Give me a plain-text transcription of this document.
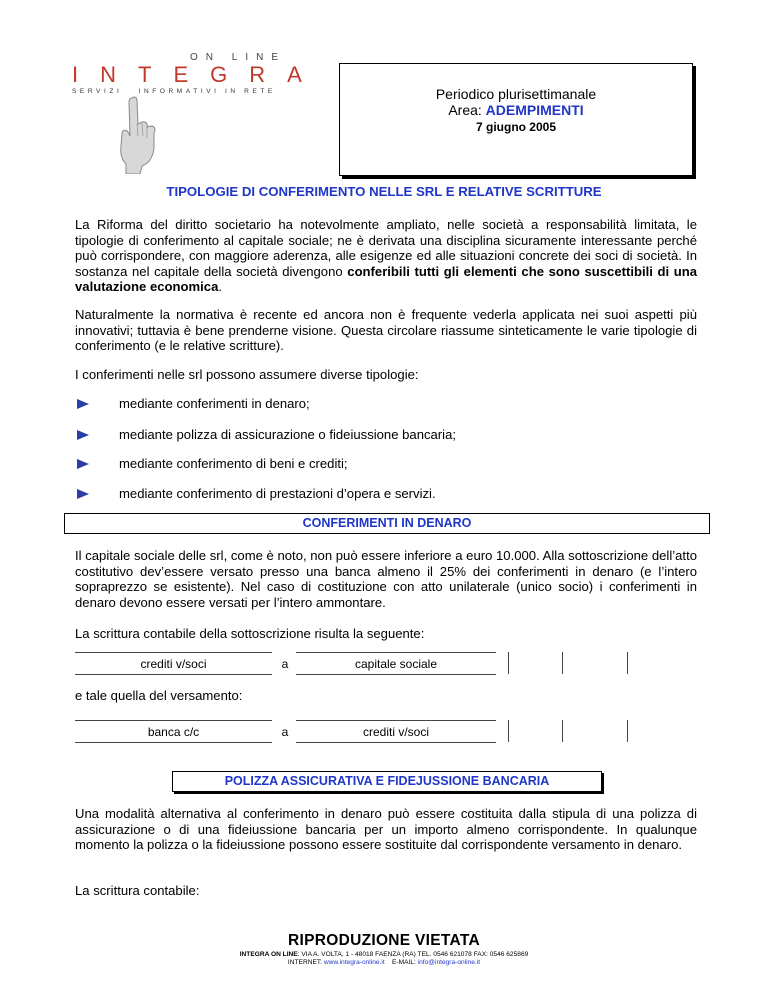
ON LINE
INTEGRA
SERVIZI   INFORMATIVI IN RETE	Periodico plurisettimanale
Area: ADEMPIMENTI
7 giugno 2005
TIPOLOGIE DI CONFERIMENTO NELLE SRL E RELATIVE SCRITTURE
La Riforma del diritto societario ha notevolmente ampliato, nelle società a responsabilità limitata, le tipologie di conferimento al capitale sociale; ne è derivata una disciplina sicuramente interessante perché può corrispondere, con maggiore aderenza, alle esigenze ed alle situazioni concrete dei soci di società. In sostanza nel capitale della società divengono conferibili tutti gli elementi che sono suscettibili di una valutazione economica.
Naturalmente la normativa è recente ed ancora non è frequente vederla applicata nei suoi aspetti più innovativi; tuttavia è bene prenderne visione. Questa circolare riassume sinteticamente le varie tipologie di conferimento (e le relative scritture).
I conferimenti nelle srl possono assumere diverse tipologie:
mediante conferimenti in denaro;
mediante polizza di assicurazione o fideiussione bancaria;
mediante conferimento di beni e crediti;
mediante conferimento di prestazioni d’opera e servizi.
CONFERIMENTI IN DENARO
Il capitale sociale delle srl, come è noto, non può essere inferiore a euro 10.000. Alla sottoscrizione dell’atto costitutivo dev’essere versato presso una banca almeno il 25% dei conferimenti in denaro (e l’intero sopraprezzo se esistente). Nel caso di costituzione con atto unilaterale (unico socio) i conferimenti in denaro devono essere versati per l’intero ammontare.
La scrittura contabile della sottoscrizione risulta la seguente:
crediti v/soci	a	capitale sociale
e tale quella del versamento:
banca c/c	a	crediti v/soci
POLIZZA ASSICURATIVA E FIDEJUSSIONE BANCARIA
Una modalità alternativa al conferimento in denaro può essere costituita dalla stipula di una polizza di assicurazione o di una fideiussione bancaria per un importo almeno corrispondente. In qualunque momento la polizza o la fideiussione possono essere sostituite dal corrispondente versamento in denaro.
La scrittura contabile:
RIPRODUZIONE VIETATA
INTEGRA ON LINE: VIA A. VOLTA, 1 - 48018 FAENZA (RA) TEL. 0546 621078 FAX: 0546 625869
INTERNET: www.integra-online.it    E-MAIL: info@integra-online.it
